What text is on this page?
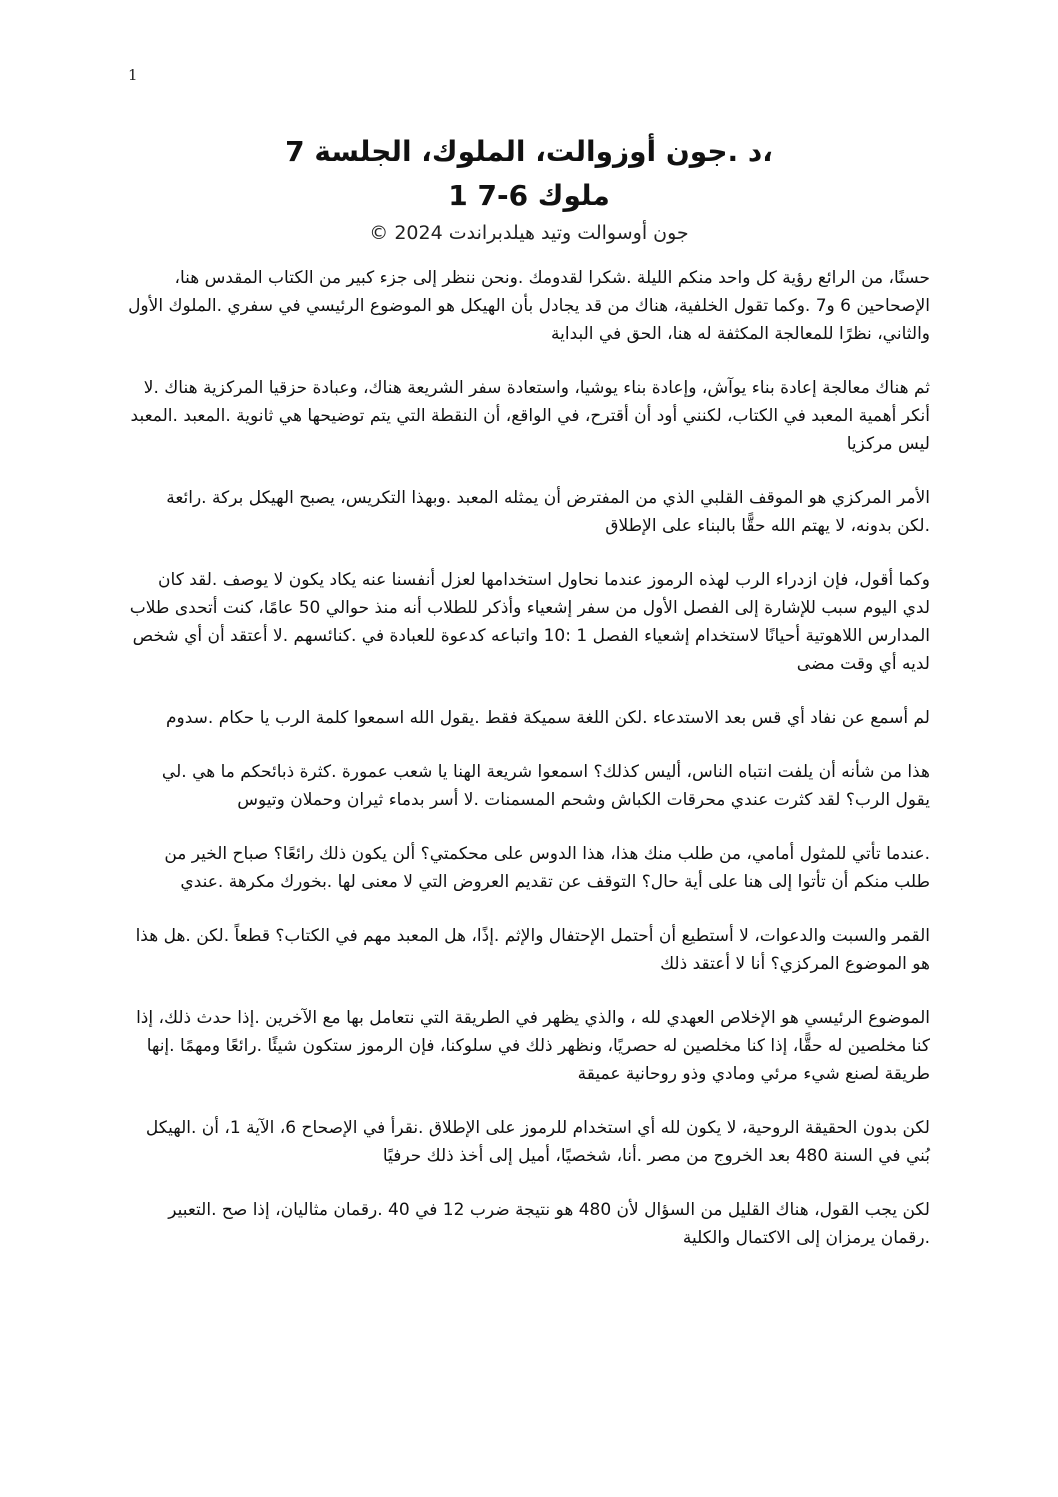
1

،د .جون أوزوالت، الملوك، الجلسة 7

ملوك 6-7 1

جون أوسوالت وتيد هيلدبراندت 2024 ©

حسنًا، من الرائع رؤية كل واحد منكم الليلة .شكرا لقدومك .ونحن ننظر إلى جزء كبير من الكتاب المقدس هنا، الإصحاحين 6 و7 .وكما تقول الخلفية، هناك من قد يجادل بأن الهيكل هو الموضوع الرئيسي في سفري .الملوك الأول والثاني، نظرًا للمعالجة المكثفة له هنا، الحق في البداية

ثم هناك معالجة إعادة بناء يوآش، وإعادة بناء يوشيا، واستعادة سفر الشريعة هناك، وعبادة حزقيا المركزية هناك .لا أنكر أهمية المعبد في الكتاب، لكنني أود أن أقترح، في الواقع، أن النقطة التي يتم توضيحها هي ثانوية .المعبد .المعبد ليس مركزيا

الأمر المركزي هو الموقف القلبي الذي من المفترض أن يمثله المعبد .وبهذا التكريس، يصبح الهيكل بركة .رائعة .لكن بدونه، لا يهتم الله حقًّا بالبناء على الإطلاق

وكما أقول، فإن ازدراء الرب لهذه الرموز عندما نحاول استخدامها لعزل أنفسنا عنه يكاد يكون لا يوصف .لقد كان لدي اليوم سبب للإشارة إلى الفصل الأول من سفر إشعياء وأذكر للطلاب أنه منذ حوالي 50 عامًا، كنت أتحدى طلاب المدارس اللاهوتية أحيانًا لاستخدام إشعياء الفصل 1 :10 واتباعه كدعوة للعبادة في .كنائسهم .لا أعتقد أن أي شخص لديه أي وقت مضى

لم أسمع عن نفاد أي قس بعد الاستدعاء .لكن اللغة سميكة فقط .يقول الله اسمعوا كلمة الرب يا حكام .سدوم

هذا من شأنه أن يلفت انتباه الناس، أليس كذلك؟ اسمعوا شريعة الهنا يا شعب عمورة .كثرة ذبائحكم ما هي .لي يقول الرب؟ لقد كثرت عندي محرقات الكباش وشحم المسمنات .لا أسر بدماء ثيران وحملان وتيوس

.عندما تأتي للمثول أمامي، من طلب منك هذا، هذا الدوس على محكمتي؟ ألن يكون ذلك رائعًا؟ صباح الخير من طلب منكم أن تأتوا إلى هنا على أية حال؟ التوقف عن تقديم العروض التي لا معنى لها .بخورك مكرهة .عندي

القمر والسبت والدعوات، لا أستطيع أن أحتمل الإحتفال والإثم .إذًا، هل المعبد مهم في الكتاب؟ قطعاً .لكن .هل هذا هو الموضوع المركزي؟ أنا لا أعتقد ذلك

الموضوع الرئيسي هو الإخلاص العهدي لله ، والذي يظهر في الطريقة التي نتعامل بها مع الآخرين .إذا حدث ذلك، إذا كنا مخلصين له حقًّا، إذا كنا مخلصين له حصريًا، ونظهر ذلك في سلوكنا، فإن الرموز ستكون شيئًا .رائعًا ومهمًا .إنها طريقة لصنع شيء مرئي ومادي وذو روحانية عميقة

لكن بدون الحقيقة الروحية، لا يكون لله أي استخدام للرموز على الإطلاق .نقرأ في الإصحاح 6، الآية 1، أن .الهيكل بُني في السنة 480 بعد الخروج من مصر .أنا، شخصيًا، أميل إلى أخذ ذلك حرفيًا

لكن يجب القول، هناك القليل من السؤال لأن 480 هو نتيجة ضرب 12 في 40 .رقمان مثاليان، إذا صح .التعبير .رقمان يرمزان إلى الاكتمال والكلية
